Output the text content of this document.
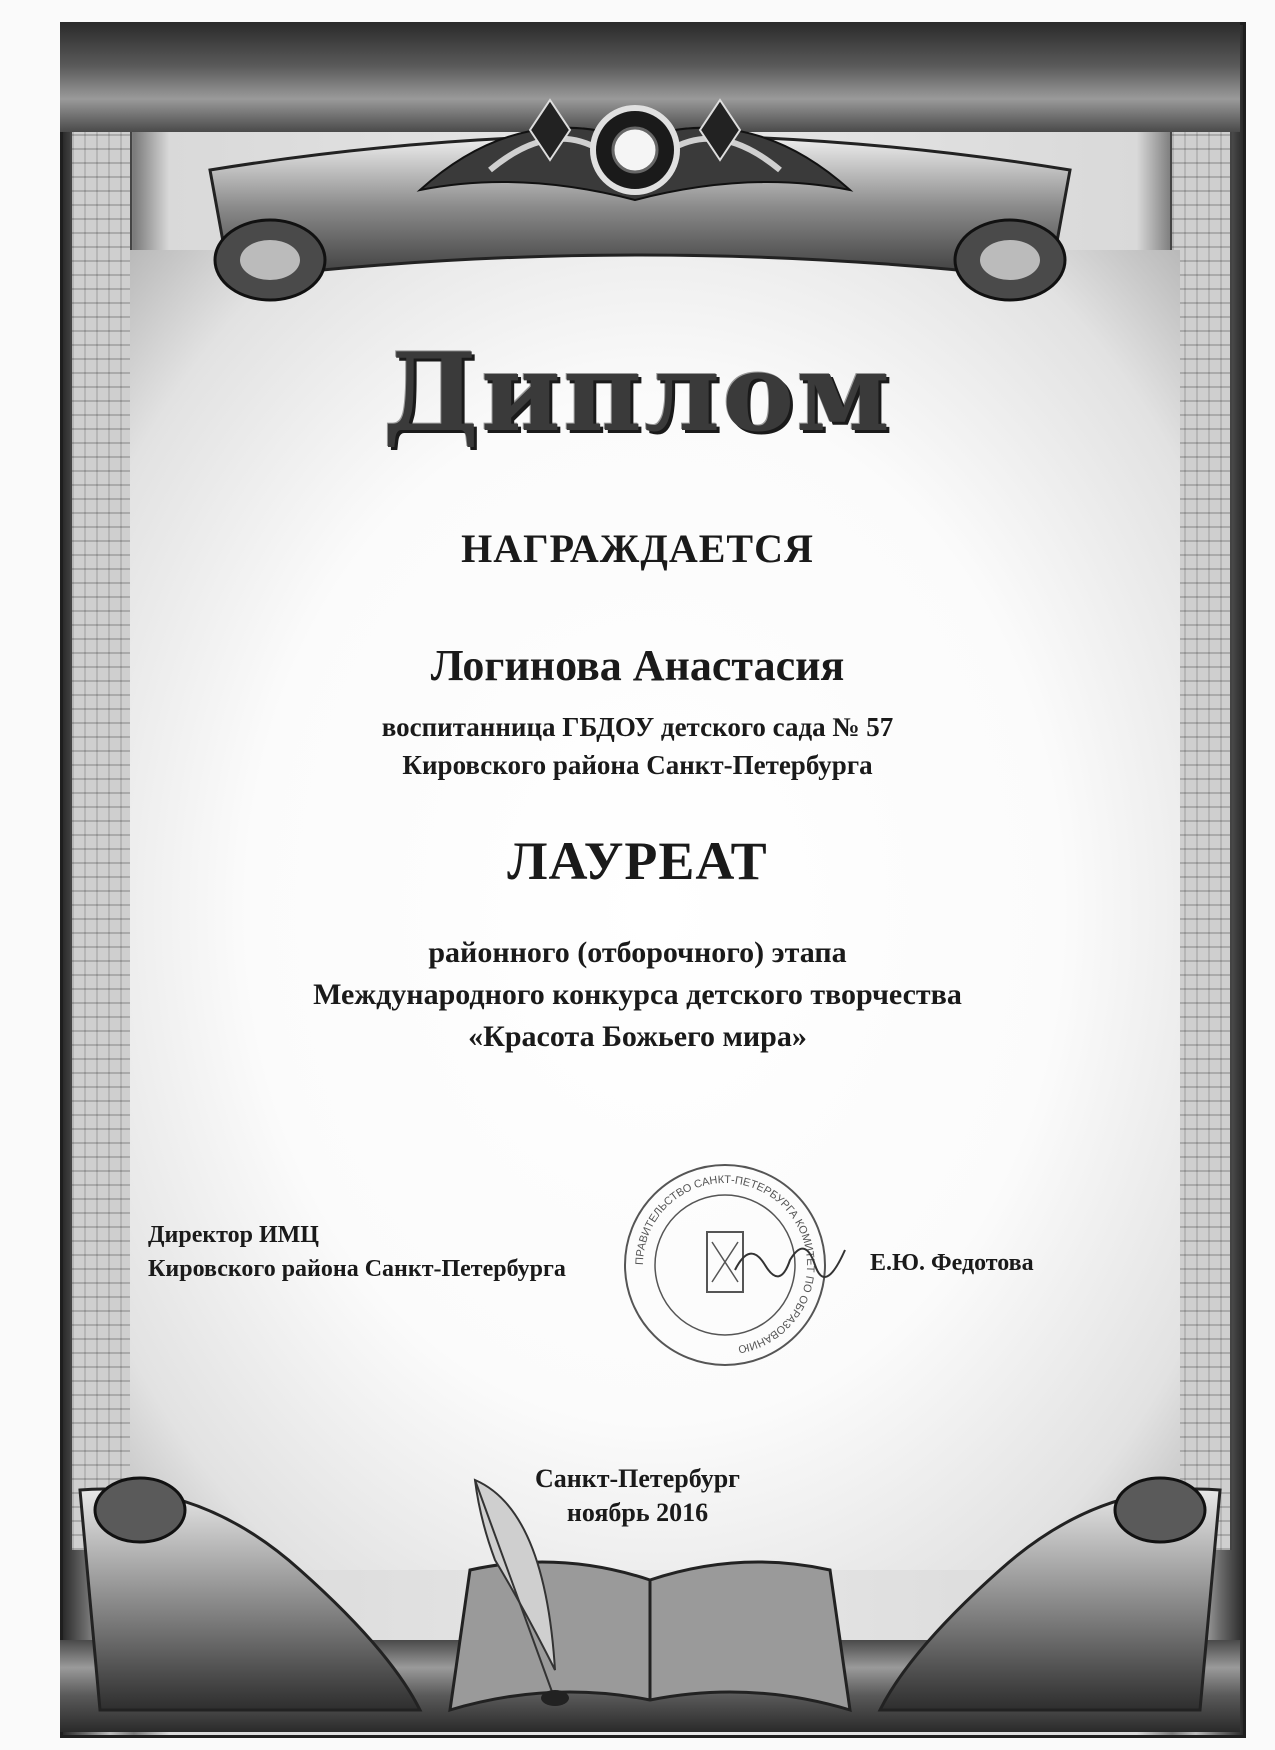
Диплом
НАГРАЖДАЕТСЯ
Логинова Анастасия
воспитанница ГБДОУ детского сада № 57
Кировского района Санкт-Петербурга
ЛАУРЕАТ
районного (отборочного) этапа
Международного конкурса детского творчества
«Красота Божьего мира»
Директор ИМЦ
Кировского района Санкт-Петербурга	Е.Ю. Федотова
ПРАВИТЕЛЬСТВО САНКТ-ПЕТЕРБУРГА КОМИТЕТ ПО ОБРАЗОВАНИЮ
Санкт-Петербург
ноябрь 2016
